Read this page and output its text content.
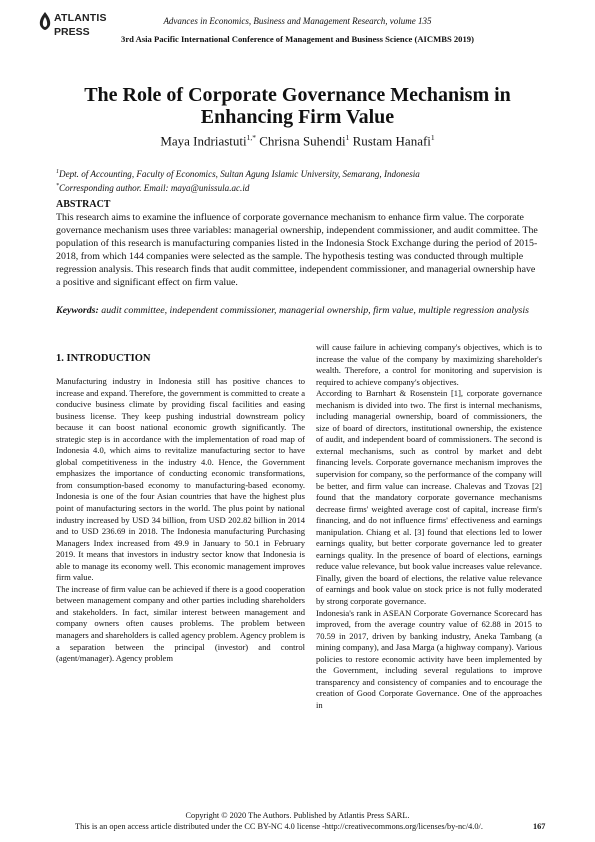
ATLANTIS
PRESS
Advances in Economics, Business and Management Research, volume 135
3rd Asia Pacific International Conference of Management and Business Science (AICMBS 2019)
The Role of Corporate Governance Mechanism in Enhancing Firm Value
Maya Indriastuti$^{1,*}$ Chrisna Suhendi$^1$ Rustam Hanafi$^1$
$^1$Dept. of Accounting, Faculty of Economics, Sultan Agung Islamic University, Semarang, Indonesia
*Corresponding author. Email: maya@unissula.ac.id
ABSTRACT
This research aims to examine the influence of corporate governance mechanism to enhance firm value. The corporate governance mechanism uses three variables: managerial ownership, independent commissioner, and audit committee. The population of this research is manufacturing companies listed in the Indonesia Stock Exchange during the period of 2015-2018, from which 144 companies were selected as the sample. The hypothesis testing was conducted through multiple regression analysis. This research finds that audit committee, independent commissioner, and managerial ownership have a positive and significant effect on firm value.
Keywords: audit committee, independent commissioner, managerial ownership, firm value, multiple regression analysis
1. INTRODUCTION

Manufacturing industry in Indonesia still has positive chances to increase and expand. Therefore, the government is committed to create a conducive business climate by providing fiscal facilities and easing business license. They keep pushing industrial downstream policy because it can boost national economic growth significantly. The strategic step is in accordance with the implementation of road map of Indonesia 4.0, which aims to revitalize manufacturing sector to have global competitiveness in the industry 4.0. Hence, the Government emphasizes the importance of conducting economic transformations, from consumption-based economy to manufacturing-based economy. Indonesia is one of the four Asian countries that have the highest plus point of manufacturing sectors in the world. The plus point by national industry increased by USD 34 billion, from USD 202.82 billion in 2014 and to USD 236.69 in 2018. The Indonesia manufacturing Purchasing Managers Index increased from 49.9 in January to 50.1 in February 2019. It means that investors in industry sector know that Indonesia is able to manage its economy well. This economic management improves firm value.

The increase of firm value can be achieved if there is a good cooperation between management company and other parties including shareholders and stakeholders. In fact, similar interest between management and company owners often causes problems. The problem between managers and shareholders is called agency problem. Agency problem is a separation between the principal (investor) and control (agent/manager). Agency problem

will cause failure in achieving company's objectives, which is to increase the value of the company by maximizing shareholder's wealth. Therefore, a control for monitoring and supervision is required to achieve company's objectives.

According to Barnhart & Rosenstein [1], corporate governance mechanism is divided into two. The first is internal mechanisms, including managerial ownership, board of commissioners, the size of board of directors, institutional ownership, the existence of audit, and independent board of commissioners. The second is external mechanisms, such as control by market and debt financing levels. Corporate governance mechanism improves the supervision for company, so the performance of the company will be better, and firm value can increase. Chalevas and Tzovas [2] found that the mandatory corporate governance mechanisms decrease firms' weighted average cost of capital, increase firm's financing, and do not influence firms' effectiveness and earnings manipulation. Chiang et al. [3] found that elections led to lower earnings quality, but better corporate governance led to greater earnings quality. In the presence of board of elections, earnings reduce value relevance, but book value increases value relevance. Finally, given the board of elections, the relative value relevance of earnings and book value on stock price is not fully moderated by strong corporate governance.

Indonesia's rank in ASEAN Corporate Governance Scorecard has improved, from the average country value of 62.88 in 2015 to 70.59 in 2017, driven by banking industry, Aneka Tambang (a mining company), and Jasa Marga (a highway company). Various policies to restore economic activity have been implemented by the Government, including several regulations to improve transparency and consistency of companies and to encourage the creation of Good Corporate Governance. One of the approaches in

Copyright © 2020 The Authors. Published by Atlantis Press SARL.
This is an open access article distributed under the CC BY-NC 4.0 license -http://creativecommons.org/licenses/by-nc/4.0/.	167
